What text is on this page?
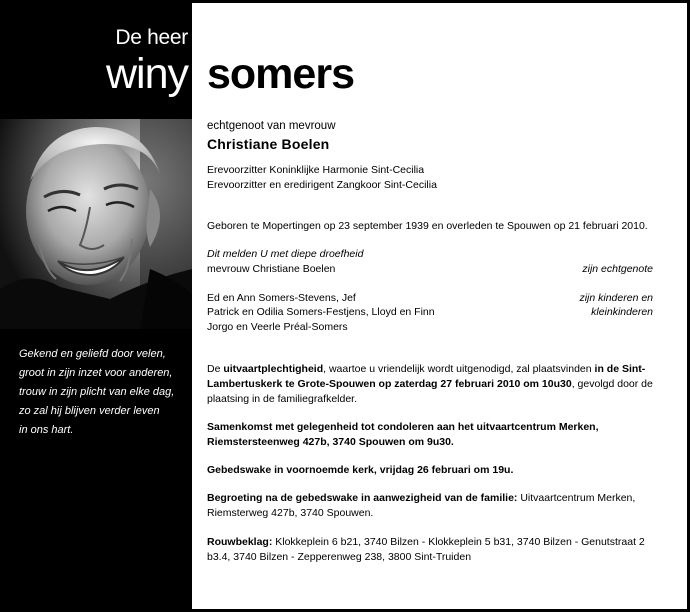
De heer
winy somers
Gekend en geliefd door velen,
groot in zijn inzet voor anderen,
trouw in zijn plicht van elke dag,
zo zal hij blijven verder leven
in ons hart.
echtgenoot van mevrouw
Christiane Boelen
Erevoorzitter Koninklijke Harmonie Sint-Cecilia
Erevoorzitter en eredirigent Zangkoor Sint-Cecilia
Geboren te Mopertingen op 23 september 1939 en overleden te Spouwen op 21 februari 2010.
Dit melden U met diepe droefheid
mevrouw Christiane Boelen	zijn echtgenote
Ed en Ann Somers-Stevens, Jef
Patrick en Odilia Somers-Festjens, Lloyd en Finn
Jorgo en Veerle Préal-Somers
zijn kinderen en
kleinkinderen
De uitvaartplechtigheid, waartoe u vriendelijk wordt uitgenodigd, zal plaatsvinden in de Sint-Lambertuskerk te Grote-Spouwen op zaterdag 27 februari 2010 om 10u30, gevolgd door de plaatsing in de familiegrafkelder.
Samenkomst met gelegenheid tot condoleren aan het uitvaartcentrum Merken, Riemstersteenweg 427b, 3740 Spouwen om 9u30.
Gebedswake in voornoemde kerk, vrijdag 26 februari om 19u.
Begroeting na de gebedswake in aanwezigheid van de familie: Uitvaartcentrum Merken, Riemsterweg 427b, 3740 Spouwen.
Rouwbeklag: Klokkeplein 6 b21, 3740 Bilzen - Klokkeplein 5 b31, 3740 Bilzen - Genutstraat 2 b3.4, 3740 Bilzen - Zepperenweg 238, 3800 Sint-Truiden
